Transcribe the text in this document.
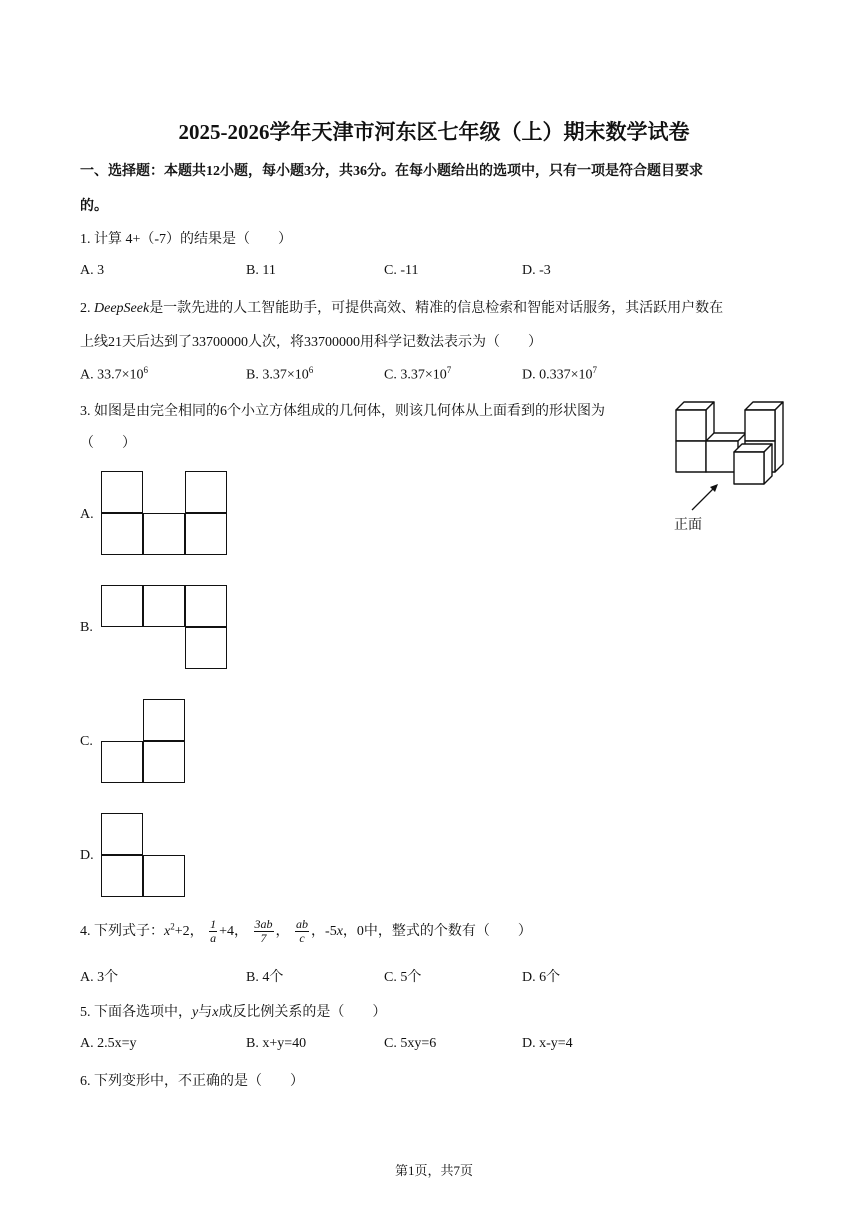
2025-2026学年天津市河东区七年级（上）期末数学试卷
一、选择题：本题共12小题，每小题3分，共36分。在每小题给出的选项中，只有一项是符合题目要求
的。
1. 计算 4+（-7）的结果是（　　）
A. 3	B. 11	C. -11	D. -3
2. DeepSeek是一款先进的人工智能助手，可提供高效、精准的信息检索和智能对话服务，其活跃用户数在
上线21天后达到了33700000人次，将33700000用科学记数法表示为（　　）
A. $33.7\times 10^6$	B. $3.37\times 10^6$	C. $3.37\times 10^7$	D. $0.337\times 10^7$
3. 如图是由完全相同的6个小立方体组成的几何体，则该几何体从上面看到的形状图为
（　　）
正面
A.
B.
C.
D.
4. 下列式子：$x^2+2$， $\frac{1}{a} +4$， $\frac{3ab}{7}$ ， $\frac{ab}{c}$ ，-5x，0中，整式的个数有（　　）
A. 3个	B. 4个	C. 5个	D. 6个
5. 下面各选项中，y与x成反比例关系的是（　　）
A. 2.5x=y	B. x+y=40	C. 5xy=6	D. x-y=4
6. 下列变形中，不正确的是（　　）
第1页，共7页
